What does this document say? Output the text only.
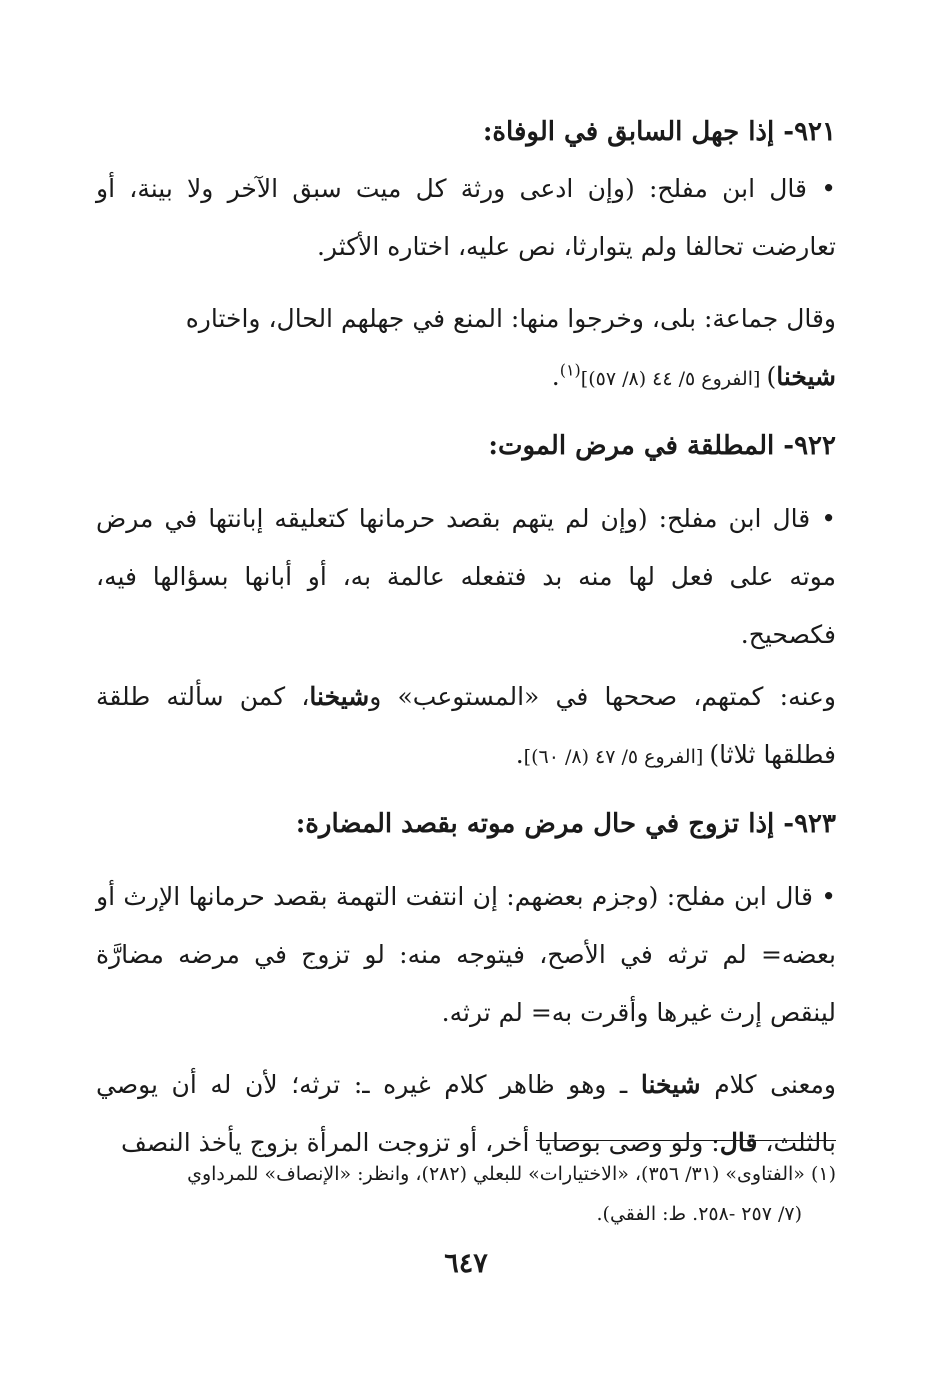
٩٢١- إذا جهل السابق في الوفاة:

• قال ابن مفلح: (وإن ادعى ورثة كل ميت سبق الآخر ولا بينة، أو تعارضت تحالفا ولم يتوارثا، نص عليه، اختاره الأكثر.

وقال جماعة: بلى، وخرجوا منها: المنع في جهلهم الحال، واختاره
شيخنا) [الفروع ٥/ ٤٤ (٨/ ٥٧)]$^{(١)}$.

٩٢٢- المطلقة في مرض الموت:

• قال ابن مفلح: (وإن لم يتهم بقصد حرمانها كتعليقه إبانتها في مرض موته على فعل لها منه بد فتفعله عالمة به، أو أبانها بسؤالها فيه، فكصحيح.

وعنه: كمتهم، صححها في «المستوعب» وشيخنا، كمن سألته طلقة فطلقها ثلاثا) [الفروع ٥/ ٤٧ (٨/ ٦٠)].

٩٢٣- إذا تزوج في حال مرض موته بقصد المضارة:

• قال ابن مفلح: (وجزم بعضهم: إن انتفت التهمة بقصد حرمانها الإرث أو بعضه= لم ترثه في الأصح، فيتوجه منه: لو تزوج في مرضه مضارَّة لينقص إرث غيرها وأقرت به= لم ترثه.

ومعنى كلام شيخنا ـ وهو ظاهر كلام غيره ـ: ترثه؛ لأن له أن يوصي بالثلث، قال: ولو وصى بوصايا أخر، أو تزوجت المرأة بزوج يأخذ النصف

(١) «الفتاوى» (٣١/ ٣٥٦)، «الاختيارات» للبعلي (٢٨٢)، وانظر: «الإنصاف» للمرداوي
(٧/ ٢٥٧ -٢٥٨. ط: الفقي).
٦٤٧
